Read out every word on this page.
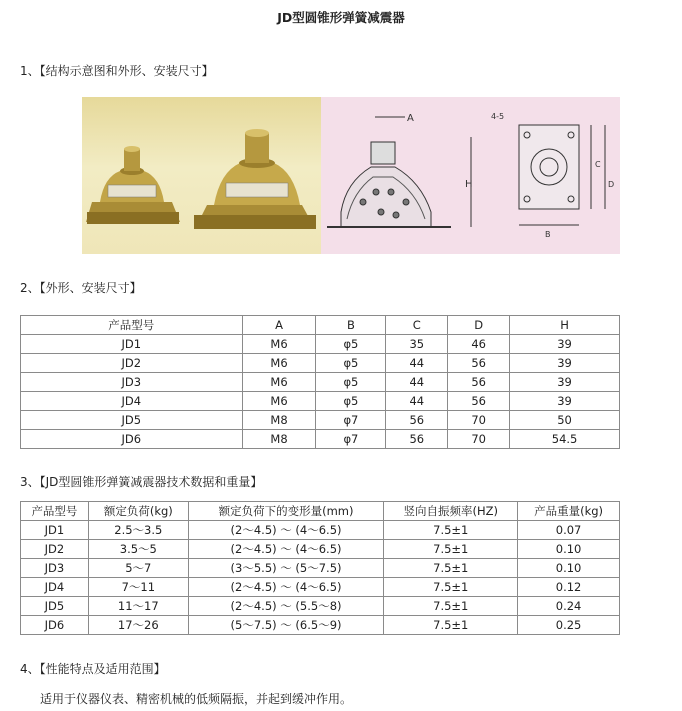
JD型圆锥形弹簧减震器
1、【结构示意图和外形、安装尺寸】
A
H
4-5
B
C
D
2、【外形、安装尺寸】
产品型号	A	B	C	D	H
JD1	M6	φ5	35	46	39
JD2	M6	φ5	44	56	39
JD3	M6	φ5	44	56	39
JD4	M6	φ5	44	56	39
JD5	M8	φ7	56	70	50
JD6	M8	φ7	56	70	54.5
3、【JD型圆锥形弹簧减震器技术数据和重量】
产品型号	额定负荷(kg)	额定负荷下的变形量(mm)	竖向自振频率(HZ)	产品重量(kg)
JD1	2.5～3.5	(2～4.5) ～ (4～6.5)	7.5±1	0.07
JD2	3.5～5	(2～4.5) ～ (4～6.5)	7.5±1	0.10
JD3	5～7	(3～5.5) ～ (5～7.5)	7.5±1	0.10
JD4	7～11	(2～4.5) ～ (4～6.5)	7.5±1	0.12
JD5	11～17	(2～4.5) ～ (5.5～8)	7.5±1	0.24
JD6	17～26	(5～7.5) ～ (6.5～9)	7.5±1	0.25
4、【性能特点及适用范围】
适用于仪器仪表、精密机械的低频隔振，并起到缓冲作用。
